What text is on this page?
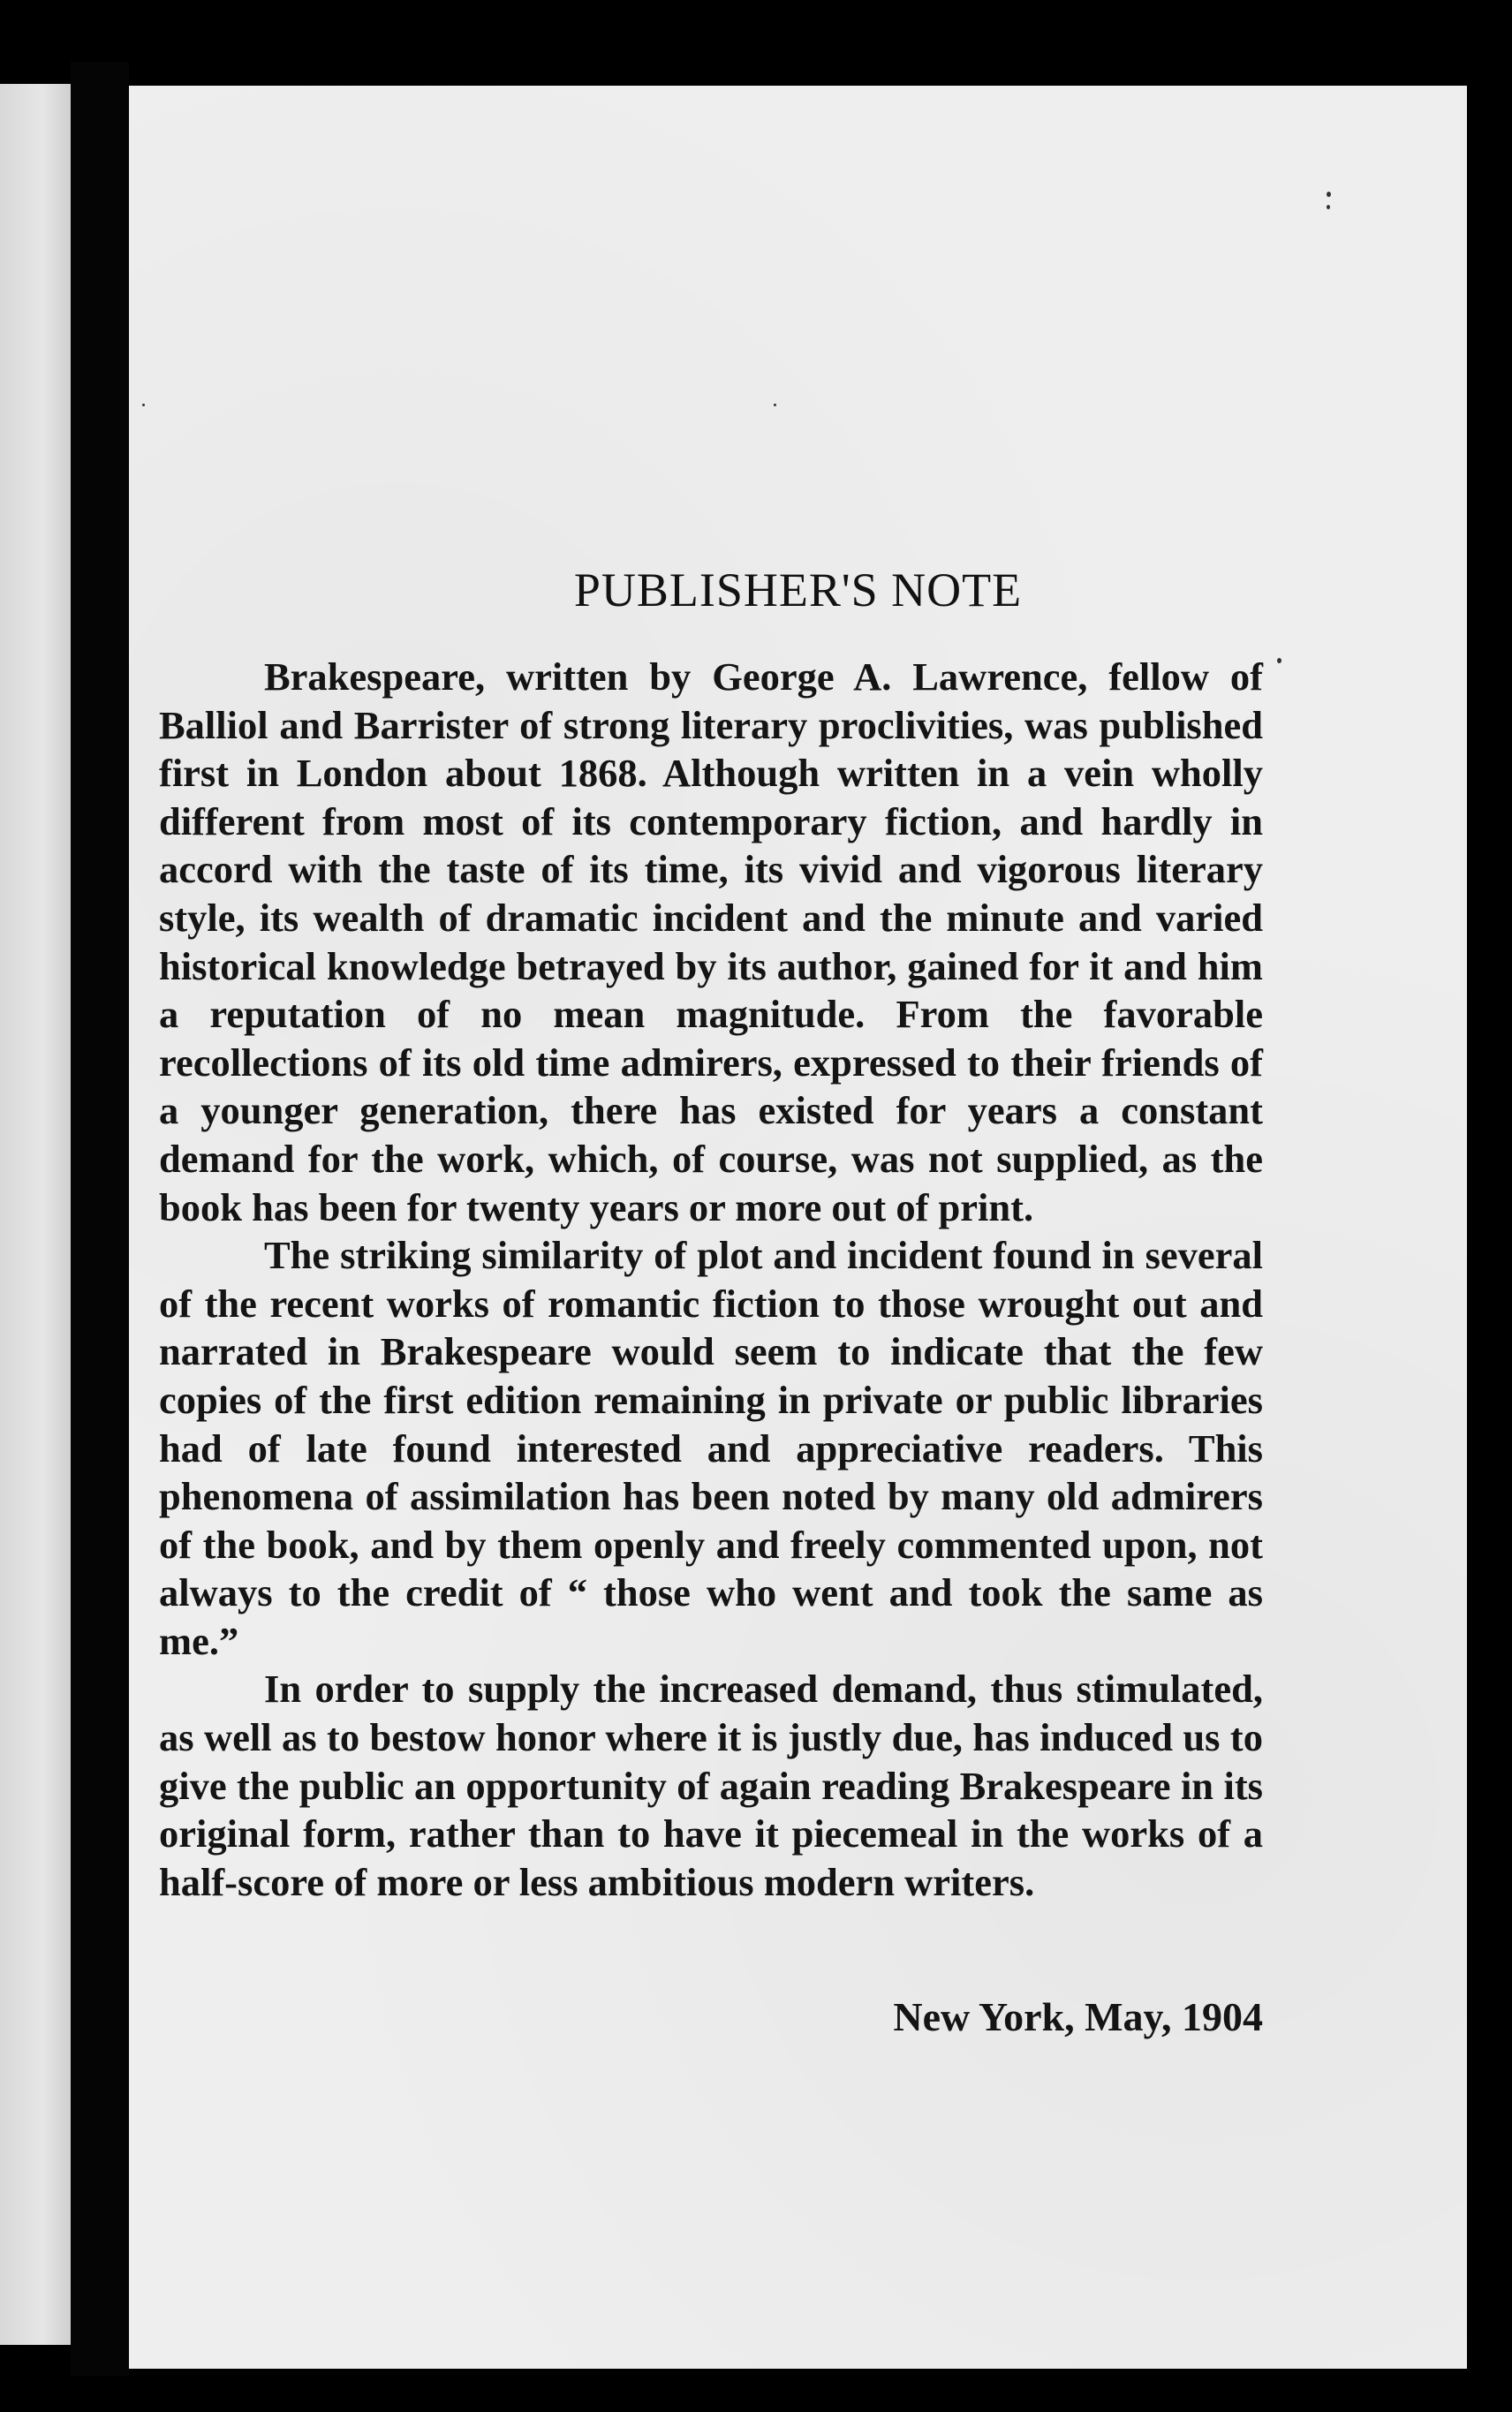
PUBLISHER'S NOTE

Brakespeare, written by George A. Lawrence, fellow of Balliol and Barrister of strong literary proclivities, was published first in London about 1868. Although written in a vein wholly different from most of its contemporary fiction, and hardly in accord with the taste of its time, its vivid and vigorous literary style, its wealth of dramatic incident and the minute and varied historical knowledge betrayed by its author, gained for it and him a reputation of no mean magnitude. From the favorable recollections of its old time admirers, expressed to their friends of a younger generation, there has existed for years a constant demand for the work, which, of course, was not supplied, as the book has been for twenty years or more out of print.

The striking similarity of plot and incident found in several of the recent works of romantic fiction to those wrought out and narrated in Brakespeare would seem to indicate that the few copies of the first edition remaining in private or public libraries had of late found interested and appreciative readers. This phenomena of assimilation has been noted by many old admirers of the book, and by them openly and freely commented upon, not always to the credit of “ those who went and took the same as me.”

In order to supply the increased demand, thus stimulated, as well as to bestow honor where it is justly due, has induced us to give the public an opportunity of again reading Brakespeare in its original form, rather than to have it piecemeal in the works of a half-score of more or less ambitious modern writers.

New York, May, 1904
